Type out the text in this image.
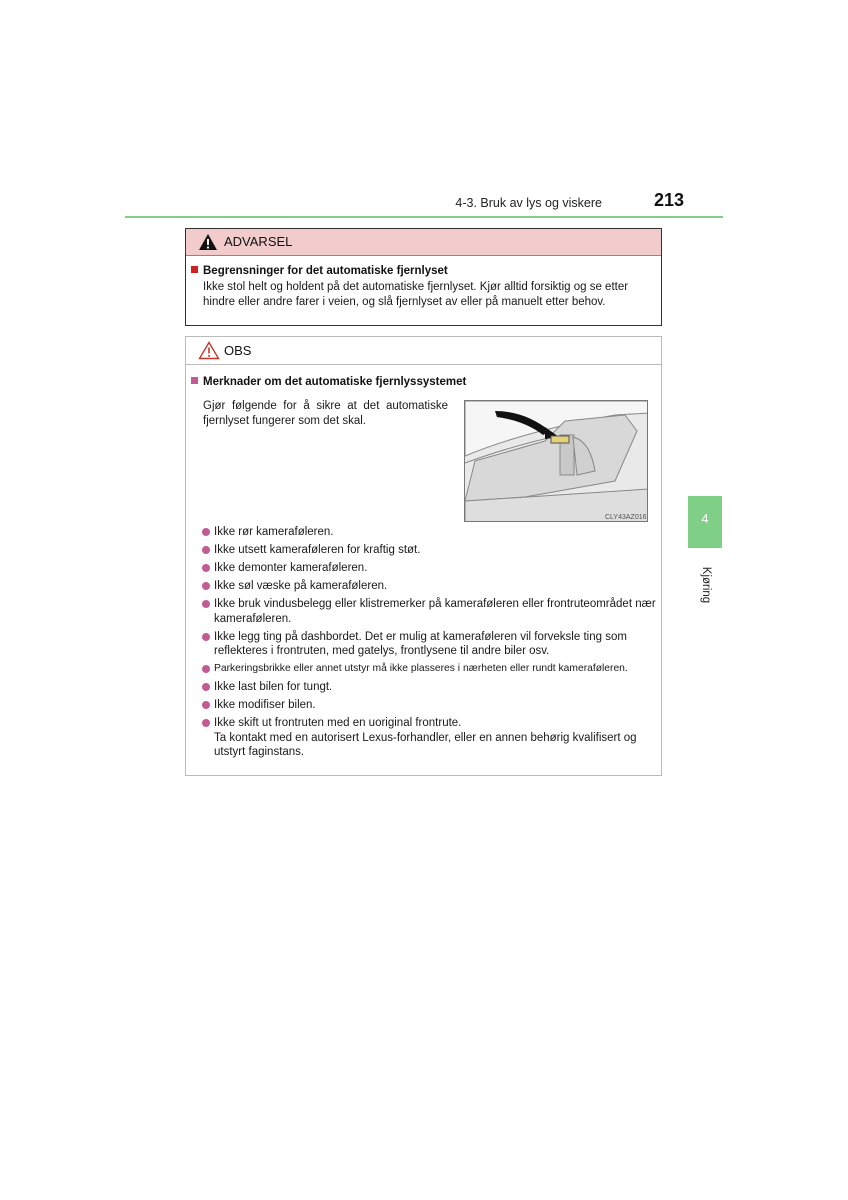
4-3. Bruk av lys og viskere	213
4
Kjøring
ADVARSEL
Begrensninger for det automatiske fjernlyset
Ikke stol helt og holdent på det automatiske fjernlyset. Kjør alltid forsiktig og se etter hindre eller andre farer i veien, og slå fjernlyset av eller på manuelt etter behov.
OBS
Merknader om det automatiske fjernlyssystemet
Gjør følgende for å sikre at det automatiske fjernlyset fungerer som det skal.
CLY43AZ016
Ikke rør kameraføleren.
Ikke utsett kameraføleren for kraftig støt.
Ikke demonter kameraføleren.
Ikke søl væske på kameraføleren.
Ikke bruk vindusbelegg eller klistremerker på kameraføleren eller frontruteområdet nær kameraføleren.
Ikke legg ting på dashbordet. Det er mulig at kameraføleren vil forveksle ting som reflekteres i frontruten, med gatelys, frontlysene til andre biler osv.
Parkeringsbrikke eller annet utstyr må ikke plasseres i nærheten eller rundt kameraføleren.
Ikke last bilen for tungt.
Ikke modifiser bilen.
Ikke skift ut frontruten med en uoriginal frontrute.
Ta kontakt med en autorisert Lexus-forhandler, eller en annen behørig kvalifisert og utstyrt faginstans.
